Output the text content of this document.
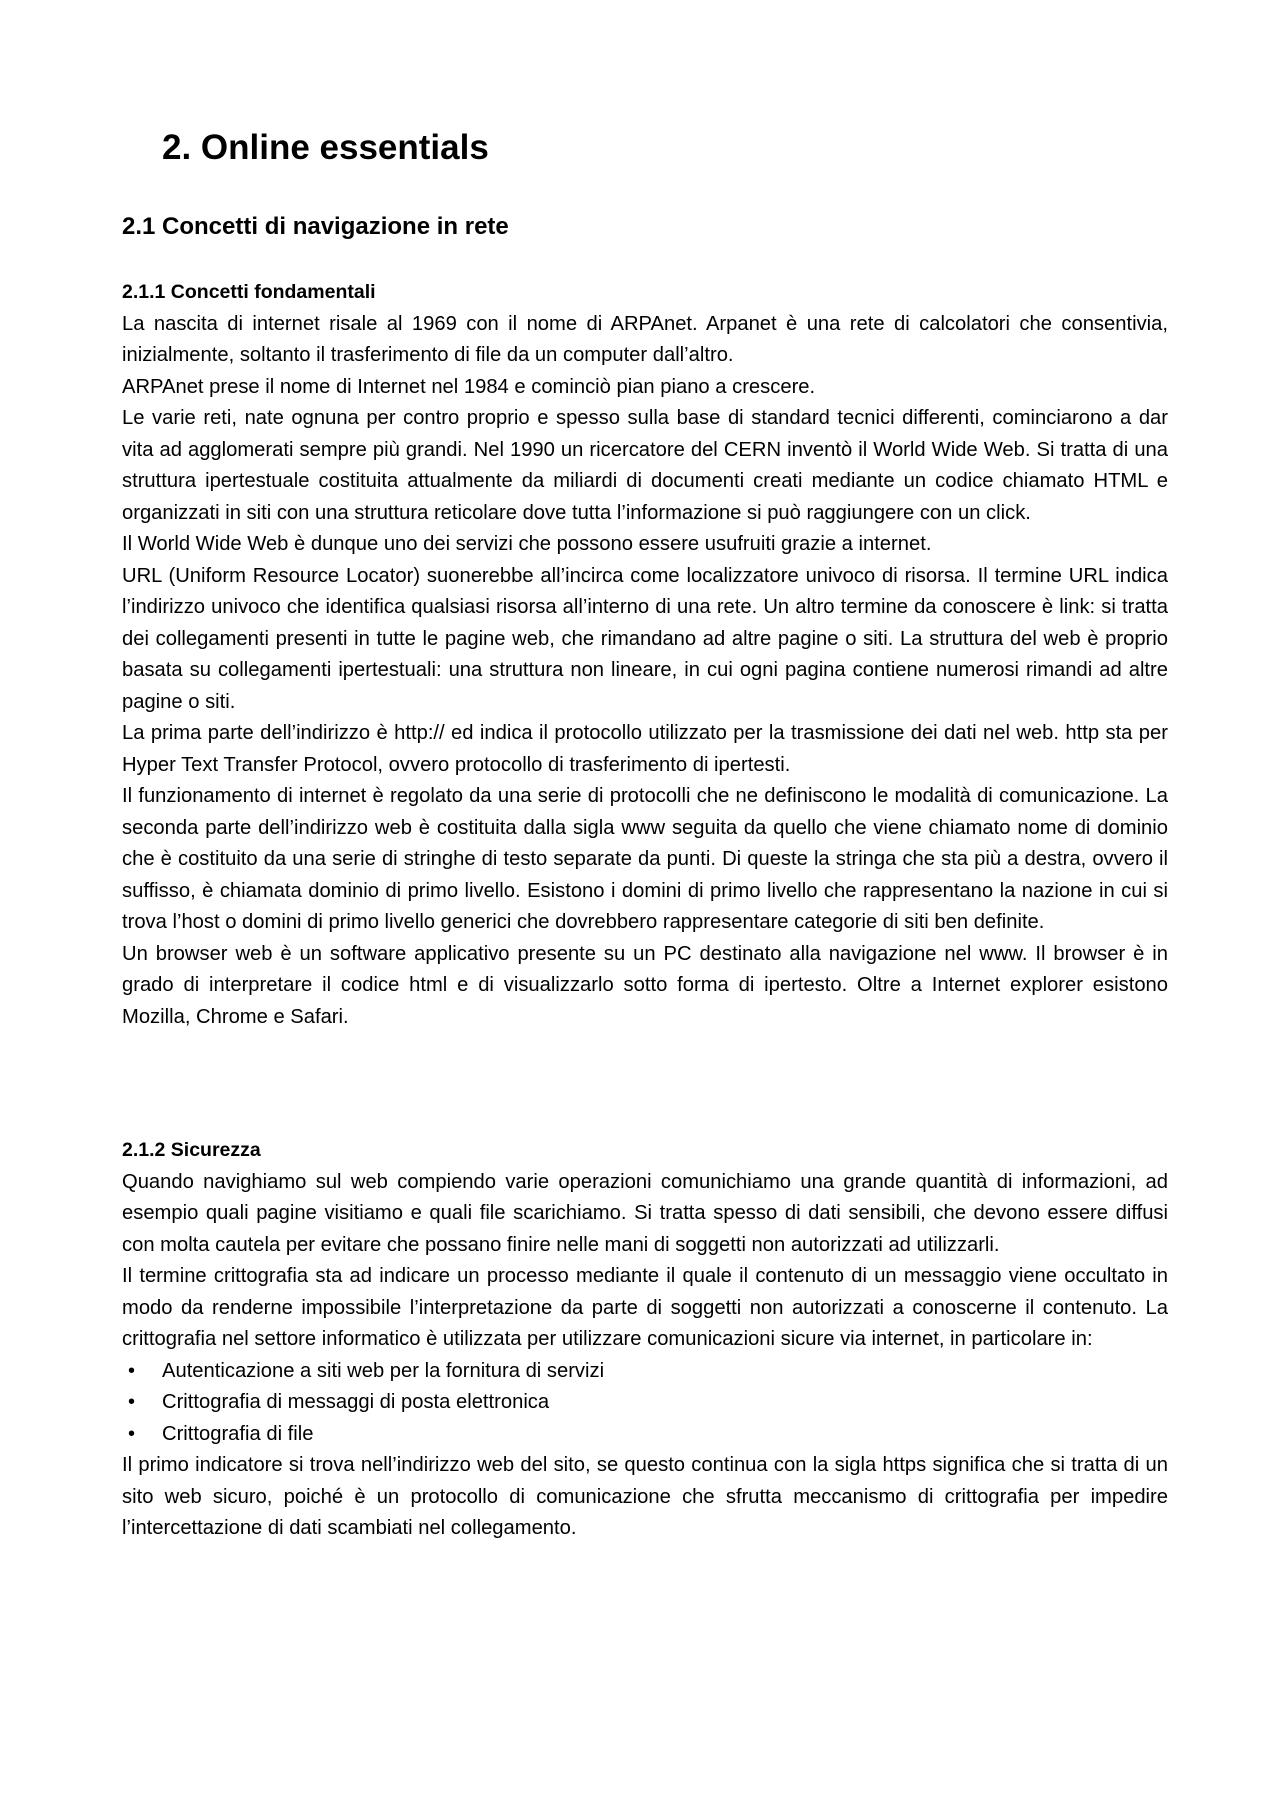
2. Online essentials
2.1 Concetti di navigazione in rete
2.1.1 Concetti fondamentali

La nascita di internet risale al 1969 con il nome di ARPAnet. Arpanet è una rete di calcolatori che consentivia, inizialmente, soltanto il trasferimento di file da un computer dall’altro.

ARPAnet prese il nome di Internet nel 1984 e cominciò pian piano a crescere.

Le varie reti, nate ognuna per contro proprio e spesso sulla base di standard tecnici differenti, cominciarono a dar vita ad agglomerati sempre più grandi. Nel 1990 un ricercatore del CERN inventò il World Wide Web. Si tratta di una struttura ipertestuale costituita attualmente da miliardi di documenti creati mediante un codice chiamato HTML e organizzati in siti con una struttura reticolare dove tutta l’informazione si può raggiungere con un click.

Il World Wide Web è dunque uno dei servizi che possono essere usufruiti grazie a internet.

URL (Uniform Resource Locator) suonerebbe all’incirca come localizzatore univoco di risorsa. Il termine URL indica l’indirizzo univoco che identifica qualsiasi risorsa all’interno di una rete. Un altro termine da conoscere è link: si tratta dei collegamenti presenti in tutte le pagine web, che rimandano ad altre pagine o siti. La struttura del web è proprio basata su collegamenti ipertestuali: una struttura non lineare, in cui ogni pagina contiene numerosi rimandi ad altre pagine o siti.

La prima parte dell’indirizzo è http:// ed indica il protocollo utilizzato per la trasmissione dei dati nel web. http sta per Hyper Text Transfer Protocol, ovvero protocollo di trasferimento di ipertesti.

Il funzionamento di internet è regolato da una serie di protocolli che ne definiscono le modalità di comunicazione. La seconda parte dell’indirizzo web è costituita dalla sigla www seguita da quello che viene chiamato nome di dominio che è costituito da una serie di stringhe di testo separate da punti. Di queste la stringa che sta più a destra, ovvero il suffisso, è chiamata dominio di primo livello. Esistono i domini di primo livello che rappresentano la nazione in cui si trova l’host o domini di primo livello generici che dovrebbero rappresentare categorie di siti ben definite.

Un browser web è un software applicativo presente su un PC destinato alla navigazione nel www. Il browser è in grado di interpretare il codice html e di visualizzarlo sotto forma di ipertesto. Oltre a Internet explorer esistono Mozilla, Chrome e Safari.

2.1.2 Sicurezza

Quando navighiamo sul web compiendo varie operazioni comunichiamo una grande quantità di informazioni, ad esempio quali pagine visitiamo e quali file scarichiamo. Si tratta spesso di dati sensibili, che devono essere diffusi con molta cautela per evitare che possano finire nelle mani di soggetti non autorizzati ad utilizzarli.

Il termine crittografia sta ad indicare un processo mediante il quale il contenuto di un messaggio viene occultato in modo da renderne impossibile l’interpretazione da parte di soggetti non autorizzati a conoscerne il contenuto. La crittografia nel settore informatico è utilizzata per utilizzare comunicazioni sicure via internet, in particolare in:

• Autenticazione a siti web per la fornitura di servizi
• Crittografia di messaggi di posta elettronica
• Crittografia di file

Il primo indicatore si trova nell’indirizzo web del sito, se questo continua con la sigla https significa che si tratta di un sito web sicuro, poiché è un protocollo di comunicazione che sfrutta meccanismo di crittografia per impedire l’intercettazione di dati scambiati nel collegamento.
